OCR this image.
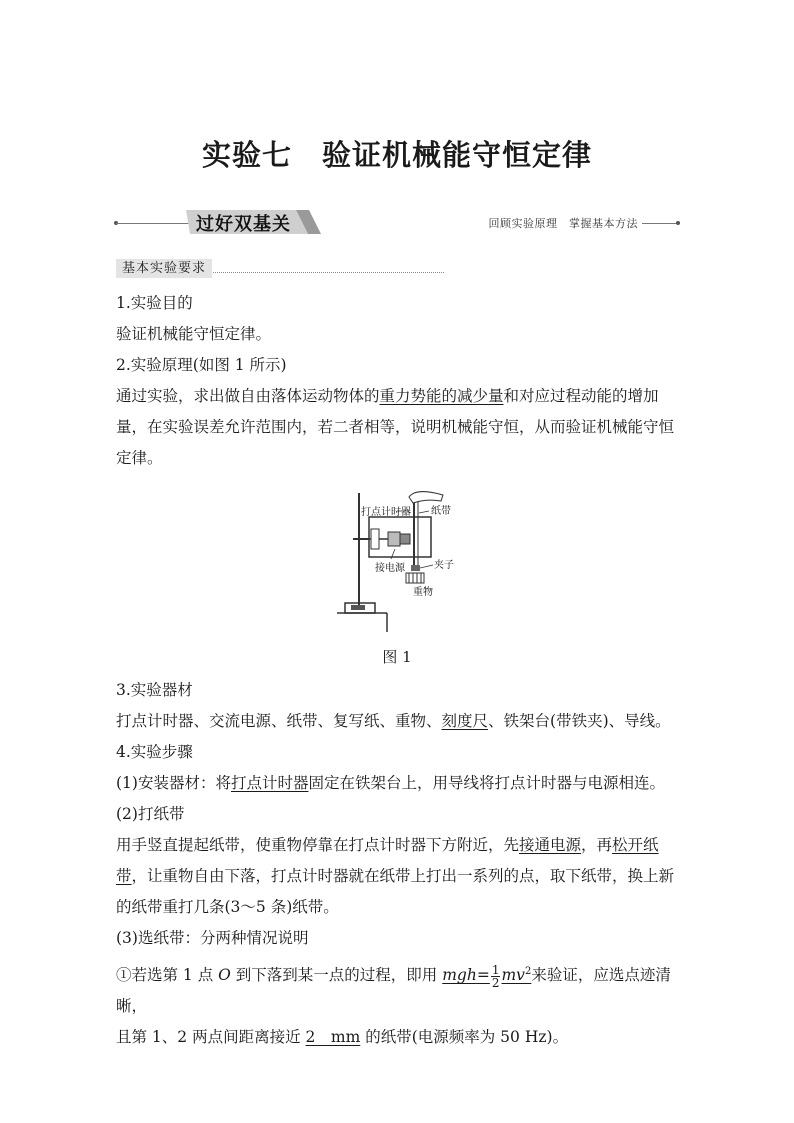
实验七　验证机械能守恒定律
过好双基关	回顾实验原理　掌握基本方法
基本实验要求

1.实验目的

验证机械能守恒定律。

2.实验原理(如图 1 所示)

通过实验，求出做自由落体运动物体的重力势能的减少量和对应过程动能的增加量，在实验误差允许范围内，若二者相等，说明机械能守恒，从而验证机械能守恒定律。

打点计时器 纸带
接电源	夹子
重物
图 1

3.实验器材

打点计时器、交流电源、纸带、复写纸、重物、刻度尺、铁架台(带铁夹)、导线。

4.实验步骤

(1)安装器材：将打点计时器固定在铁架台上，用导线将打点计时器与电源相连。

(2)打纸带

用手竖直提起纸带，使重物停靠在打点计时器下方附近，先接通电源，再松开纸带，让重物自由下落，打点计时器就在纸带上打出一系列的点，取下纸带，换上新的纸带重打几条(3～5 条)纸带。

(3)选纸带：分两种情况说明

①若选第 1 点 O 到下落到某一点的过程，即用 $mgh= \frac{1}{2} mv^2$来验证，应选点迹清晰，
且第 1、2 两点间距离接近 2　mm 的纸带(电源频率为 50 Hz)。
